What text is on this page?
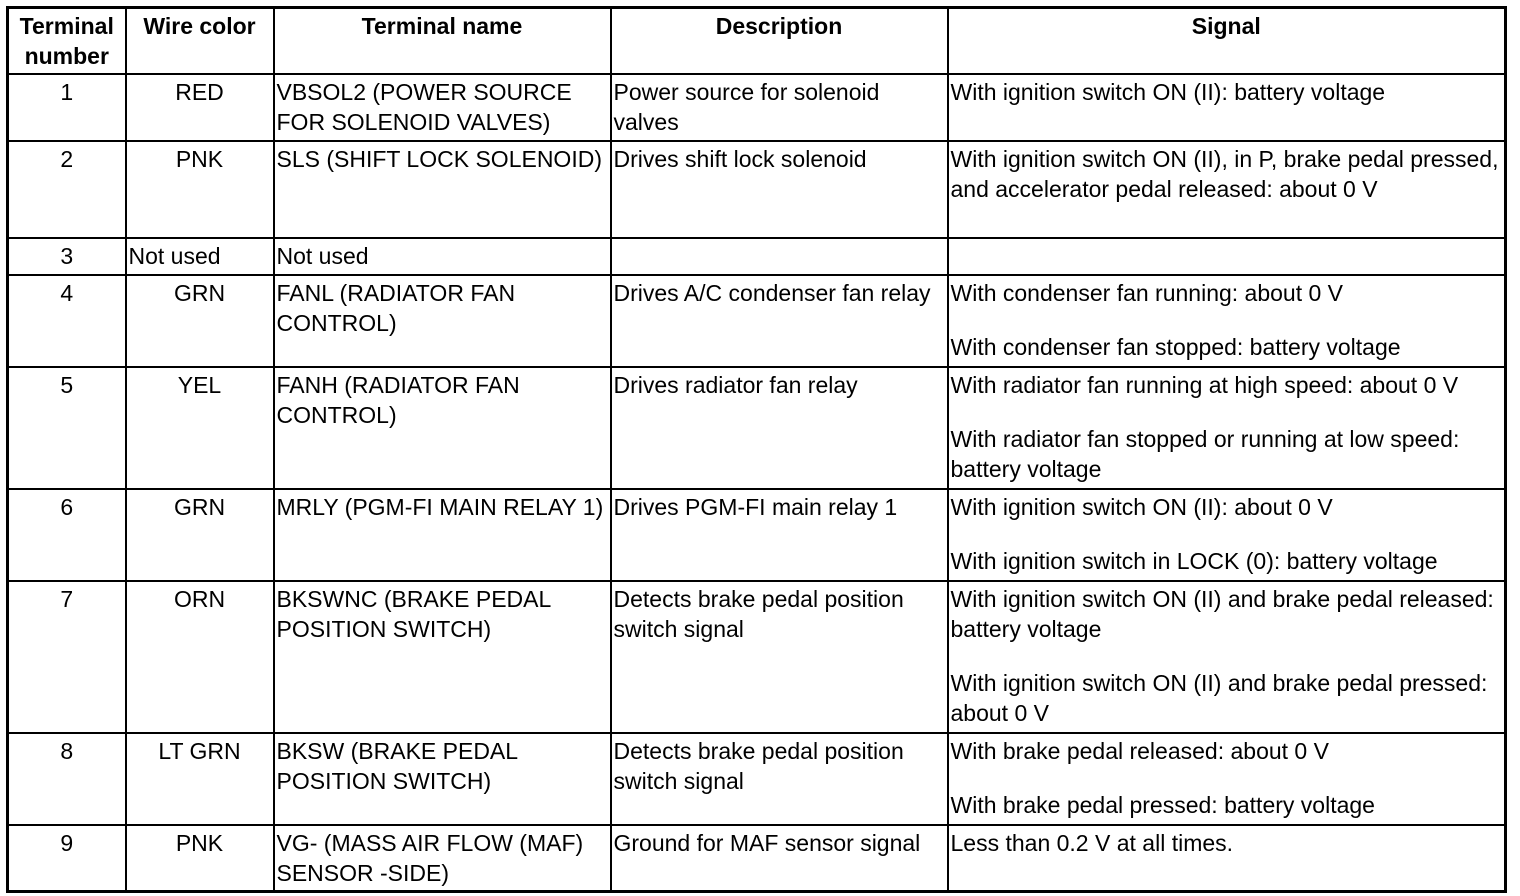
Terminal number	Wire color	Terminal name	Description	Signal
1	RED	VBSOL2 (POWER SOURCE FOR SOLENOID VALVES)	Power source for solenoid valves	With ignition switch ON (II): battery voltage

2	PNK	SLS (SHIFT LOCK SOLENOID)	Drives shift lock solenoid	With ignition switch ON (II), in P, brake pedal pressed, and accelerator pedal released: about 0 V

3	Not used	Not used		

4	GRN	FANL (RADIATOR FAN CONTROL)	Drives A/C condenser fan relay	With condenser fan running: about 0 V
With condenser fan stopped: battery voltage

5	YEL	FANH (RADIATOR FAN CONTROL)	Drives radiator fan relay	With radiator fan running at high speed: about 0 V
With radiator fan stopped or running at low speed: battery voltage

6	GRN	MRLY (PGM-FI MAIN RELAY 1)	Drives PGM-FI main relay 1	With ignition switch ON (II): about 0 V
With ignition switch in LOCK (0): battery voltage

7	ORN	BKSWNC (BRAKE PEDAL POSITION SWITCH)	Detects brake pedal position switch signal	With ignition switch ON (II) and brake pedal released: battery voltage
With ignition switch ON (II) and brake pedal pressed: about 0 V

8	LT GRN	BKSW (BRAKE PEDAL POSITION SWITCH)	Detects brake pedal position switch signal	With brake pedal released: about 0 V
With brake pedal pressed: battery voltage

9	PNK	VG- (MASS AIR FLOW (MAF) SENSOR -SIDE)	Ground for MAF sensor signal	Less than 0.2 V at all times.
